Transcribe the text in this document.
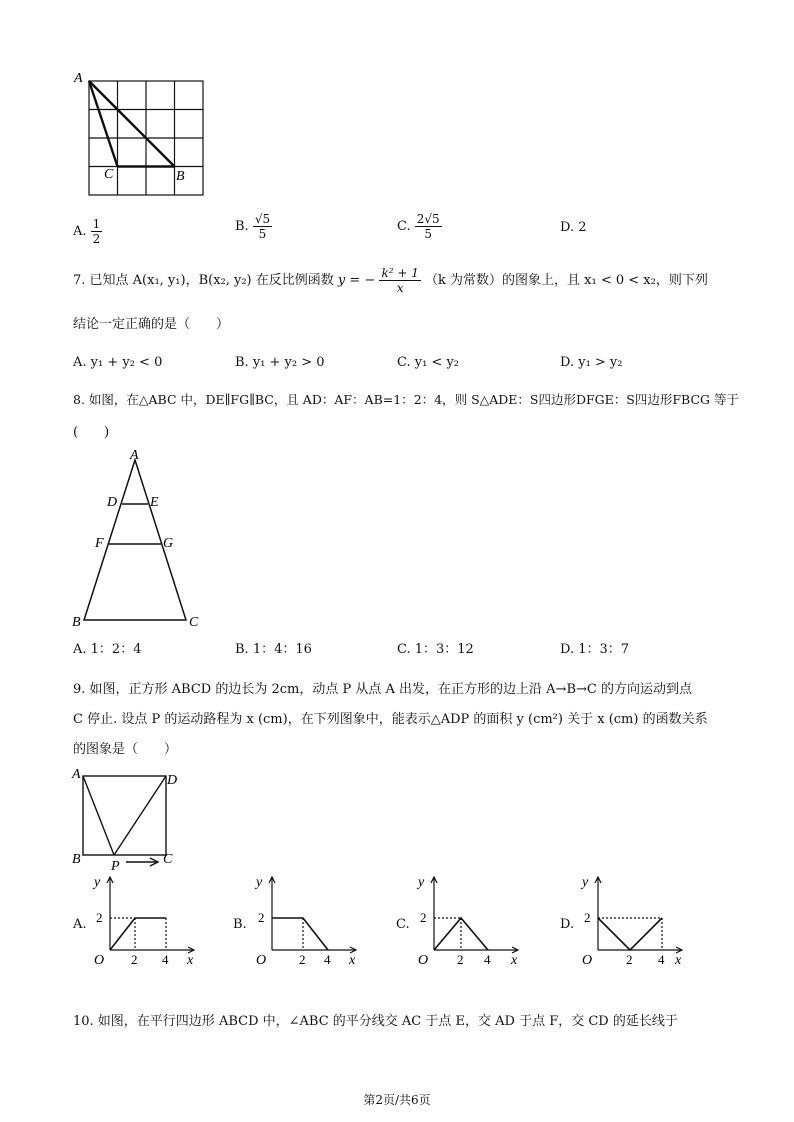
A
C	B
A. $\frac{1}{2}$	B. $\frac{√5}{5}$	C. $\frac{2√5}{5}$	D. 2
7. 已知点 A(x₁, y₁)，B(x₂, y₂) 在反比例函数 y = − $\frac{\text{k² + 1}}{x} (k$ 为常数）的图象上，且 x₁ < 0 < x₂，则下列
结论一定正确的是（　　）
A. y₁ + y₂ < 0	B. y₁ + y₂ > 0	C. y₁ < y₂	D. y₁ > y₂
8. 如图，在△ABC 中，DE∥FG∥BC，且 AD：AF：AB=1：2：4，则 S△ADE：S四边形DFGE：S四边形FBCG 等于
(　　)
A
D E
F	G
B	C
A. 1：2：4	B. 1：4：16	C. 1：3：12	D. 1：3：7
9. 如图，正方形 ABCD 的边长为 2cm，动点 P 从点 A 出发，在正方形的边上沿 A→B→C 的方向运动到点
C 停止. 设点 P 的运动路程为 x (cm)，在下列图象中，能表示△ADP 的面积 y (cm²) 关于 x (cm) 的函数关系
的图象是（　　）
A	D
B P	C
A.	B.	C.	D.
y
2
O 2 4 x
y
2
O	2 4 x
y
2
O 2 4 x
y
2
O	2 4 x
10. 如图，在平行四边形 ABCD 中，∠ABC 的平分线交 AC 于点 E，交 AD 于点 F，交 CD 的延长线于
第2页/共6页
